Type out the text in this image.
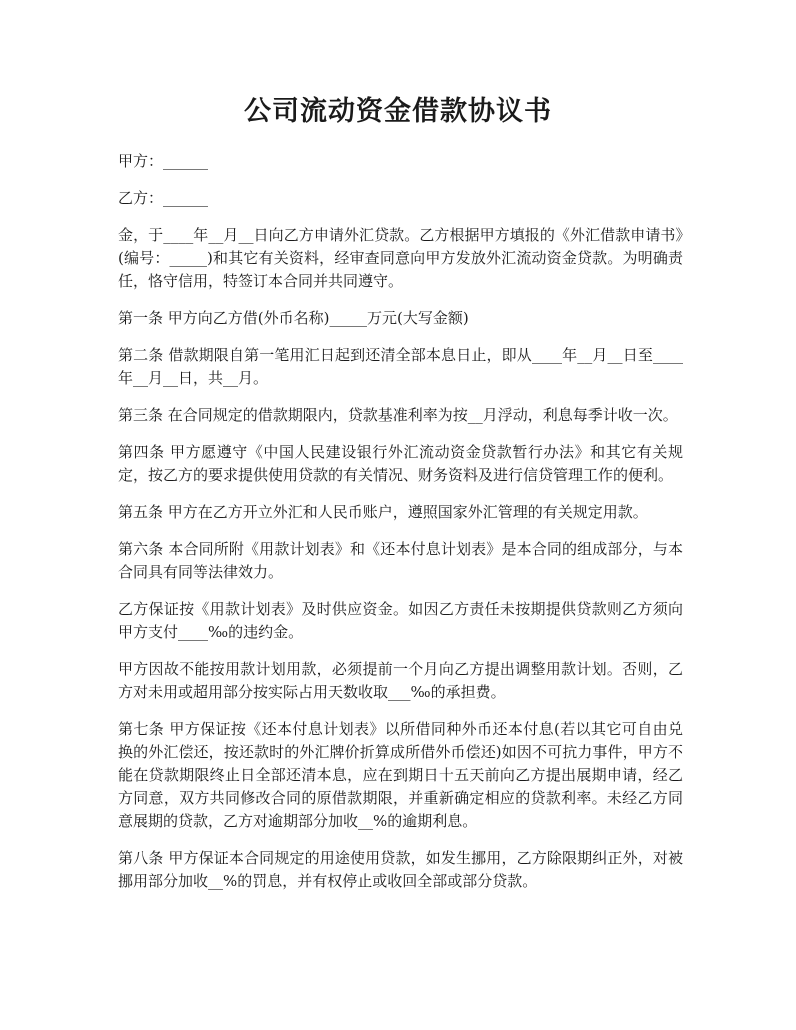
公司流动资金借款协议书

甲方：______

乙方：______

金，于____年__月__日向乙方申请外汇贷款。乙方根据甲方填报的《外汇借款申请书》(编号：_____)和其它有关资料，经审查同意向甲方发放外汇流动资金贷款。为明确责任，恪守信用，特签订本合同并共同遵守。

第一条 甲方向乙方借(外币名称)_____万元(大写金额)

第二条 借款期限自第一笔用汇日起到还清全部本息日止，即从____年__月__日至____年__月__日，共__月。

第三条 在合同规定的借款期限内，贷款基准利率为按__月浮动，利息每季计收一次。

第四条 甲方愿遵守《中国人民建设银行外汇流动资金贷款暂行办法》和其它有关规定，按乙方的要求提供使用贷款的有关情况、财务资料及进行信贷管理工作的便利。

第五条 甲方在乙方开立外汇和人民币账户，遵照国家外汇管理的有关规定用款。

第六条 本合同所附《用款计划表》和《还本付息计划表》是本合同的组成部分，与本合同具有同等法律效力。

乙方保证按《用款计划表》及时供应资金。如因乙方责任未按期提供贷款则乙方须向甲方支付____‰的违约金。

甲方因故不能按用款计划用款，必须提前一个月向乙方提出调整用款计划。否则，乙方对未用或超用部分按实际占用天数收取___‰的承担费。

第七条 甲方保证按《还本付息计划表》以所借同种外币还本付息(若以其它可自由兑换的外汇偿还，按还款时的外汇牌价折算成所借外币偿还)如因不可抗力事件，甲方不能在贷款期限终止日全部还清本息，应在到期日十五天前向乙方提出展期申请，经乙方同意，双方共同修改合同的原借款期限，并重新确定相应的贷款利率。未经乙方同意展期的贷款，乙方对逾期部分加收__%的逾期利息。

第八条 甲方保证本合同规定的用途使用贷款，如发生挪用，乙方除限期纠正外，对被挪用部分加收__%的罚息，并有权停止或收回全部或部分贷款。
